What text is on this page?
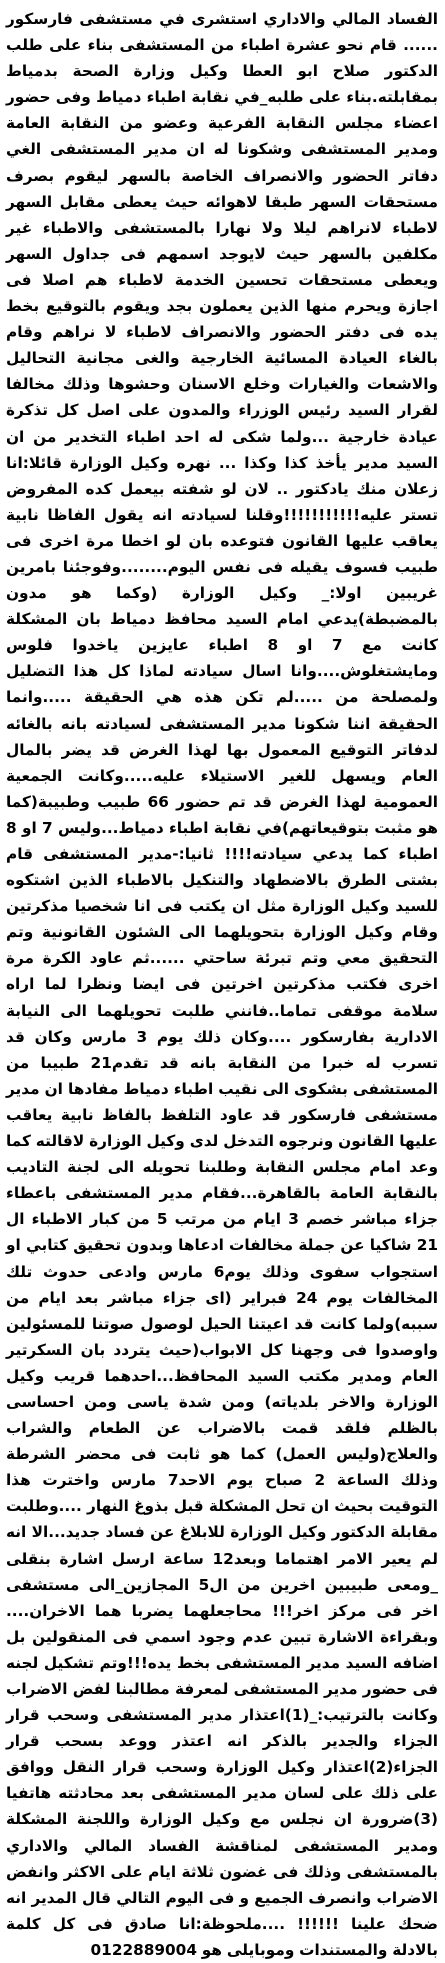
الفساد المالي والاداري استشرى في مستشفى فارسكور ...... قام نحو عشرة اطباء من المستشفى بناء على طلب الدكتور صلاح ابو العطا وكيل وزارة الصحة بدمياط بمقابلته.بناء على طلبه_في نقابة اطباء دمياط وفى حضور اعضاء مجلس النقابة الفرعية وعضو من النقابة العامة ومدير المستشفى وشكونا له ان مدير المستشفى الغي دفاتر الحضور والانصراف الخاصة بالسهر ليقوم بصرف مستحقات السهر طبقا لاهوائه حيث يعطى مقابل السهر لاطباء لانراهم ليلا ولا نهارا بالمستشفى والاطباء غير مكلفين بالسهر حيث لايوجد اسمهم فى جداول السهر ويعطى مستحقات تحسين الخدمة لاطباء هم اصلا فى اجازة ويحرم منها الذين يعملون بجد ويقوم بالتوقيع بخط يده فى دفتر الحضور والانصراف لاطباء لا نراهم وقام بالغاء العيادة المسائية الخارجية والغى مجانية التحاليل والاشعات والغيارات وخلع الاسنان وحشوها وذلك مخالفا لقرار السيد رئيس الوزراء والمدون على اصل كل تذكرة عيادة خارجية ...ولما شكى له احد اطباء التخدير من ان السيد مدير يأخذ كذا وكذا ... نهره وكيل الوزارة قائلا:انا زعلان منك يادكتور .. لان لو شفته بيعمل كده المفروض تستر عليه!!!!!!!!!!!وقلنا لسيادته انه يقول الفاظا نابية يعاقب عليها القانون فتوعده بان لو اخطا مرة اخرى فى طبيب فسوف يقيله فى نفس اليوم........وفوجئنا بامرين غريبين اولا:_ وكيل الوزارة (وكما هو مدون بالمضبطة)يدعي امام السيد محافظ دمياط بان المشكلة كانت مع 7 او 8 اطباء عايزين ياخدوا فلوس ومايشتغلوش....وانا اسال سيادته لماذا كل هذا التضليل ولمصلحة من .....لم تكن هذه هي الحقيقة .....وانما الحقيقة اننا شكونا مدير المستشفى لسيادته بانه بالغائه لدفاتر التوقيع المعمول بها لهذا الغرض قد يضر بالمال العام ويسهل للغير الاستيلاء عليه.....وكانت الجمعية العمومية لهذا الغرض قد تم حضور 66 طبيب وطبيبة(كما هو مثبت بتوقيعاتهم)في نقابة اطباء دمياط...وليس 7 او 8 اطباء كما يدعي سيادته!!!! ثانيا:-مدير المستشفى قام بشتى الطرق بالاضطهاد والتنكيل بالاطباء الذين اشتكوه للسيد وكيل الوزارة مثل ان يكتب فى انا شخصيا مذكرتين وقام وكيل الوزارة بتحويلهما الى الشئون القانونية وتم التحقيق معي وتم تبرئة ساحتي ......ثم عاود الكرة مرة اخرى فكتب مذكرتين اخرتين فى ايضا ونظرا لما اراه سلامة موقفى تماما..فانني طلبت تحويلهما الى النيابة الادارية بفارسكور ....وكان ذلك يوم 3 مارس وكان قد تسرب له خبرا من النقابة بانه قد تقدم21 طبيبا من المستشفى بشكوى الى نقيب اطباء دمياط مفادها ان مدير مستشفى فارسكور قد عاود التلفظ بالفاظ نابية يعاقب عليها القانون ونرجوه التدخل لدى وكيل الوزارة لاقالته كما وعد امام مجلس النقابة وطلبنا تحويله الى لجنة التاديب بالنقابة العامة بالقاهرة...فقام مدير المستشفى باعطاء جزاء مباشر خصم 3 ايام من مرتب 5 من كبار الاطباء ال 21 شاكيا عن جملة مخالفات ادعاها وبدون تحقيق كتابي او استجواب سفوى وذلك يوم6 مارس وادعى حدوث تلك المخالفات يوم 24 فبراير (اى جزاء مباشر بعد ايام من سببه)ولما كانت قد اعيتنا الحيل لوصول صوتنا للمسئولين واوصدوا فى وجهنا كل الابواب(حيث يتردد بان السكرتير العام ومدير مكتب السيد المحافظ...احدهما قريب وكيل الوزارة والاخر بلدياته) ومن شدة ياسى ومن احساسى بالظلم فلقد قمت بالاضراب عن الطعام والشراب والعلاج(وليس العمل) كما هو ثابت فى محضر الشرطة وذلك الساعة 2 صباح يوم الاحد7 مارس واخترت هذا التوقيت بحيث ان تحل المشكلة قبل بذوغ النهار ....وطلبت مقابلة الدكتور وكيل الوزارة للابلاغ عن فساد جديد...الا انه لم يعير الامر اهتماما وبعد12 ساعة ارسل اشارة بنقلى _ومعى طبيبين اخرين من ال5 المجازين_الى مستشفى اخر فى مركز اخر!!! محاجعلهما يضربا هما الاخران.... وبقراءة الاشارة تبين عدم وجود اسمي فى المنقولين بل اضافه السيد مدير المستشفى بخط يده!!!وتم تشكيل لجنه فى حضور مدير المستشفى لمعرفة مطالبنا لفض الاضراب وكانت بالترتيب:_(1)اعتذار مدير المستشفى وسحب قرار الجزاء والجدير بالذكر انه اعتذر ووعد بسحب قرار الجزاء(2)اعتذار وكيل الوزارة وسحب قرار النقل ووافق على ذلك على لسان مدير المستشفى بعد محادثته هاتفيا (3)ضرورة ان نجلس مع وكيل الوزارة واللجنة المشكلة ومدير المستشفى لمناقشة الفساد المالي والاداري بالمستشفى وذلك فى غضون ثلاثة ايام على الاكثر وانفض الاضراب وانصرف الجميع و فى اليوم التالي قال المدير انه ضحك علينا !!!!!! ....ملحوظة:انا صادق فى كل كلمة بالادلة والمستندات وموبايلى هو 0122889004
